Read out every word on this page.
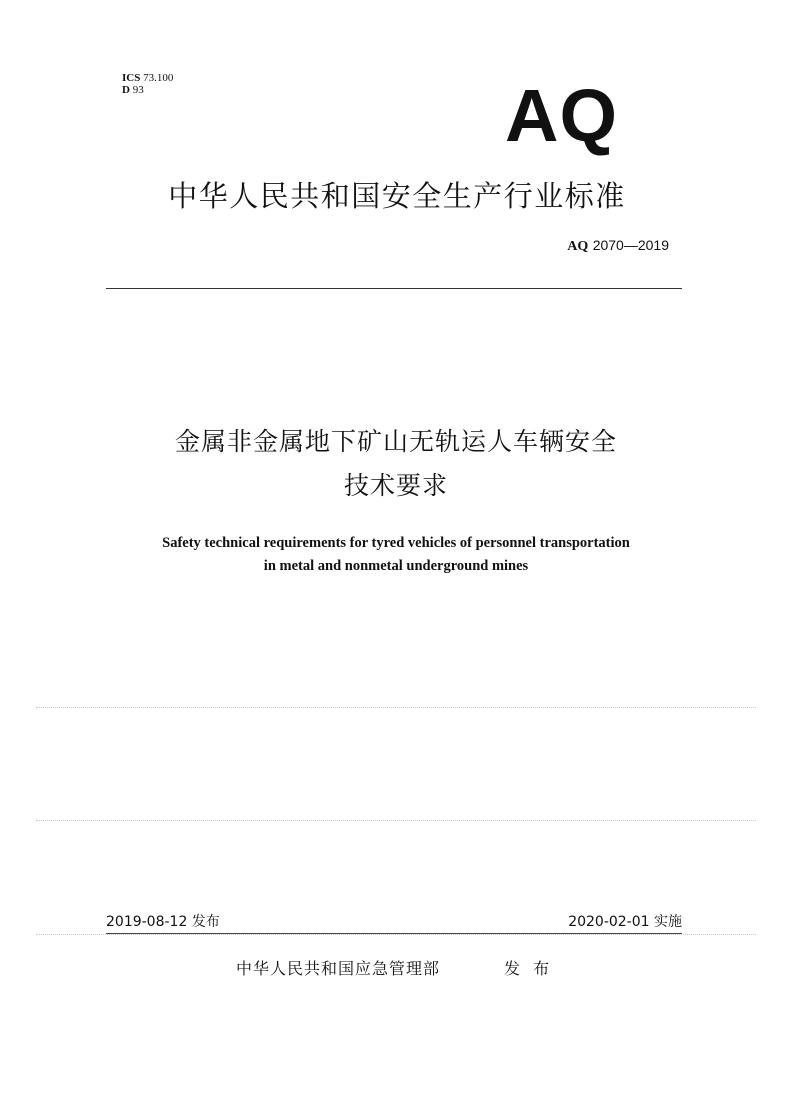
ICS 73.100
D 93	AQ
中华人民共和国安全生产行业标准
AQ 2070—2019
金属非金属地下矿山无轨运人车辆安全
技术要求
Safety technical requirements for tyred vehicles of personnel transportation
in metal and nonmetal underground mines
2019-08-12 发布	2020-02-01 实施
中华人民共和国应急管理部	发 布
